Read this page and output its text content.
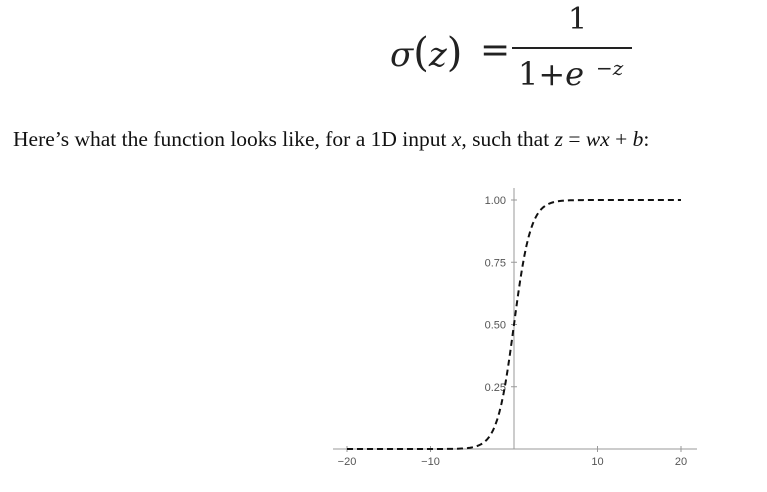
σ(z) =
1
1+e −z
Here’s what the function looks like, for a 1D input x, such that z = wx + b:
−20	−10	10	20
0.25
0.50
0.75
1.00
